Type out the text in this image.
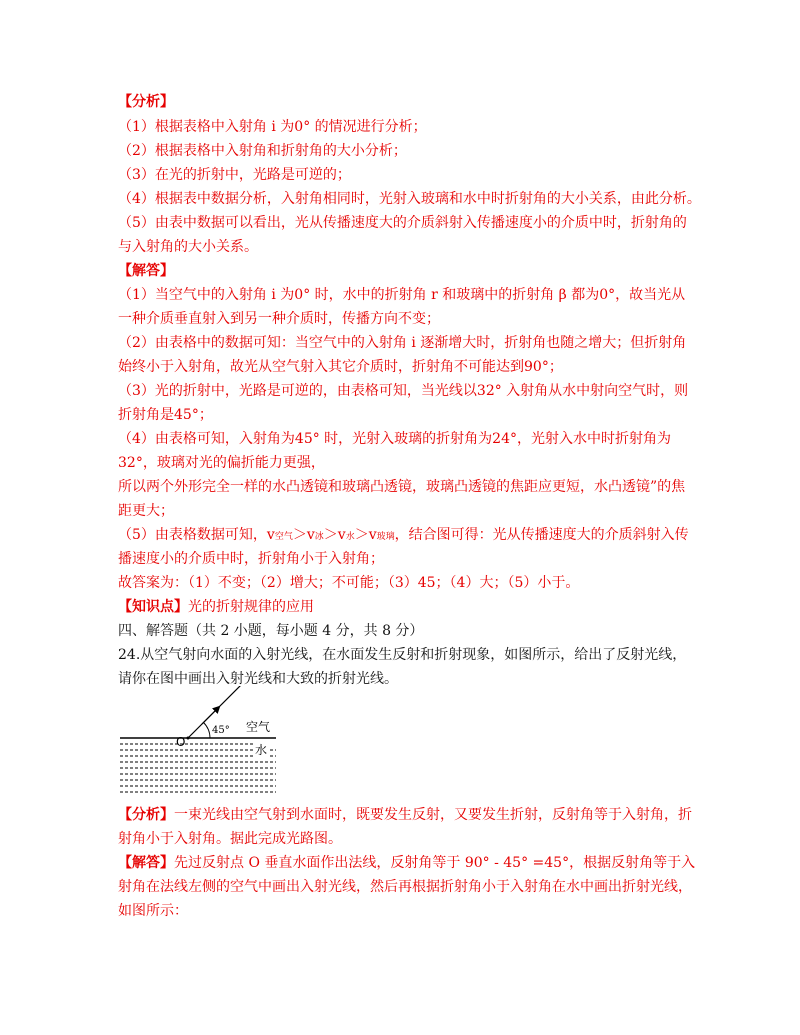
【分析】
（1）根据表格中入射角 i 为0° 的情况进行分析；
（2）根据表格中入射角和折射角的大小分析；
（3）在光的折射中，光路是可逆的；
（4）根据表中数据分析，入射角相同时，光射入玻璃和水中时折射角的大小关系，由此分析。
（5）由表中数据可以看出，光从传播速度大的介质斜射入传播速度小的介质中时，折射角的
与入射角的大小关系。
【解答】
（1）当空气中的入射角 i 为0° 时，水中的折射角 r 和玻璃中的折射角 β 都为0°，故当光从
一种介质垂直射入到另一种介质时，传播方向不变；
（2）由表格中的数据可知：当空气中的入射角 i 逐渐增大时，折射角也随之增大；但折射角
始终小于入射角，故光从空气射入其它介质时，折射角不可能达到90°；
（3）光的折射中，光路是可逆的，由表格可知，当光线以32° 入射角从水中射向空气时，则
折射角是45°；
（4）由表格可知，入射角为45° 时，光射入玻璃的折射角为24°，光射入水中时折射角为
32°，玻璃对光的偏折能力更强，
所以两个外形完全一样的水凸透镜和玻璃凸透镜，玻璃凸透镜的焦距应更短，水凸透镜”的焦
距更大；
（5）由表格数据可知，v空气＞v冰＞v水＞v玻璃，结合图可得：光从传播速度大的介质斜射入传
播速度小的介质中时，折射角小于入射角；
故答案为：（1）不变；（2）增大；不可能；（3）45；（4）大；（5）小于。
【知识点】光的折射规律的应用
四、解答题（共 2 小题，每小题 4 分，共 8 分）
24.从空气射向水面的入射光线，在水面发生反射和折射现象，如图所示，给出了反射光线，
请你在图中画出入射光线和大致的折射光线。
O
45° 空气
水
【分析】一束光线由空气射到水面时，既要发生反射，又要发生折射，反射角等于入射角，折
射角小于入射角。据此完成光路图。
【解答】先过反射点 O 垂直水面作出法线，反射角等于 90° - 45° =45°，根据反射角等于入
射角在法线左侧的空气中画出入射光线，然后再根据折射角小于入射角在水中画出折射光线，
如图所示：
